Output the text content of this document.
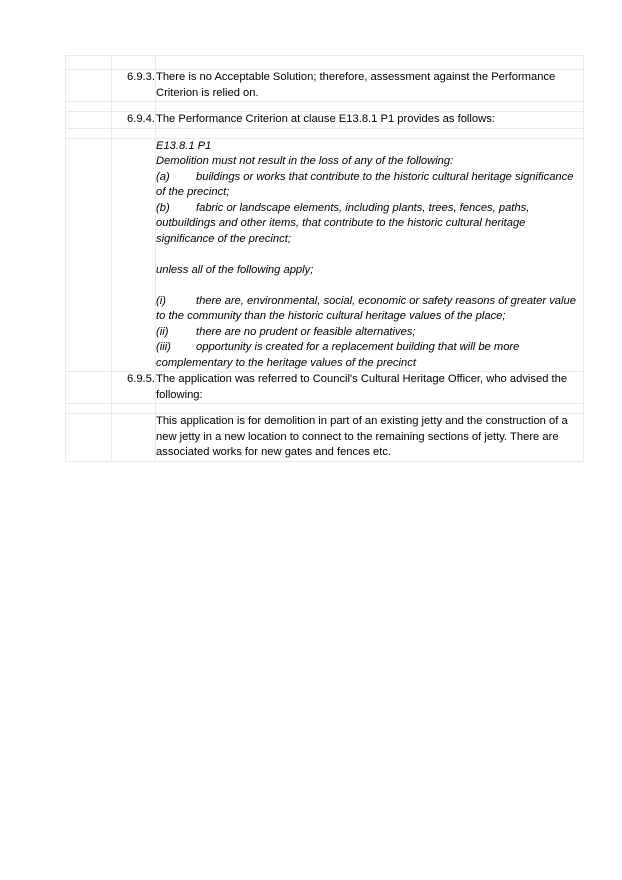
	6.9.3.	There is no Acceptable Solution; therefore, assessment against the Performance Criterion is relied on.

	6.9.4.	The Performance Criterion at clause E13.8.1 P1 provides as follows:

E13.8.1 P1

Demolition must not result in the loss of any of the following:

(a) buildings or works that contribute to the historic cultural heritage significance of the precinct;

(b) fabric or landscape elements, including plants, trees, fences, paths, outbuildings and other items, that contribute to the historic cultural heritage significance of the precinct;

unless all of the following apply;

(i)	there are, environmental, social, economic or safety reasons of greater value to the community than the historic cultural heritage values of the place;

(ii) there are no prudent or feasible alternatives;

(iii) opportunity is created for a replacement building that will be more complementary to the heritage values of the precinct

	6.9.5.	The application was referred to Council's Cultural Heritage Officer, who advised the following:

		This application is for demolition in part of an existing jetty and the construction of a new jetty in a new location to connect to the remaining sections of jetty. There are associated works for new gates and fences etc.
